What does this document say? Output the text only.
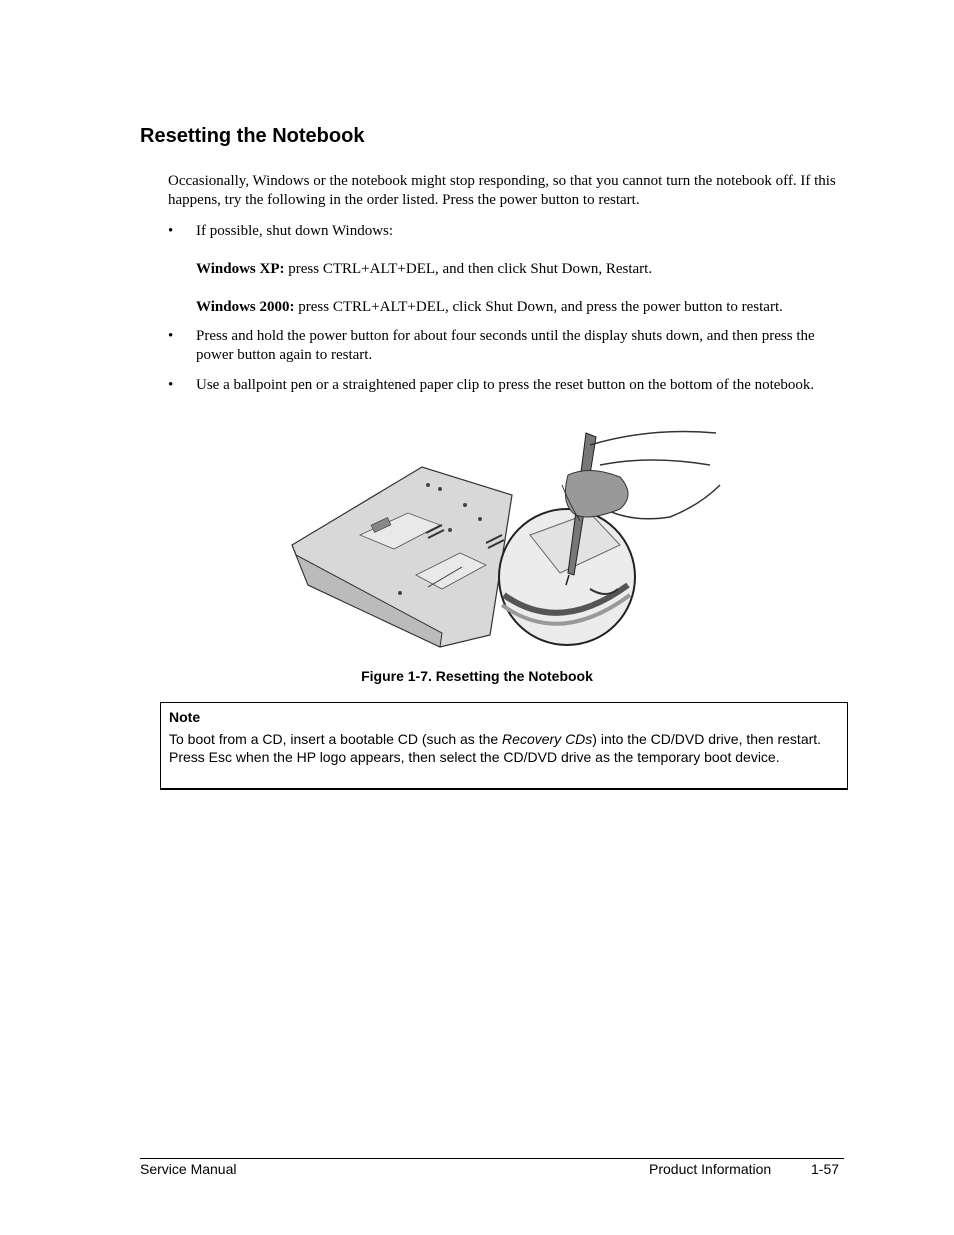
Resetting the Notebook

Occasionally, Windows or the notebook might stop responding, so that you cannot turn the notebook off. If this happens, try the following in the order listed. Press the power button to restart.

• If possible, shut down Windows:

Windows XP: press CTRL+ALT+DEL, and then click Shut Down, Restart.

Windows 2000: press CTRL+ALT+DEL, click Shut Down, and press the power button to restart.

• Press and hold the power button for about four seconds until the display shuts down, and then press the power button again to restart.

• Use a ballpoint pen or a straightened paper clip to press the reset button on the bottom of the notebook.

Figure 1-7. Resetting the Notebook
Note
To boot from a CD, insert a bootable CD (such as the Recovery CDs) into the CD/DVD drive, then restart. Press Esc when the HP logo appears, then select the CD/DVD drive as the temporary boot device.
Service Manual	Product Information	1-57
